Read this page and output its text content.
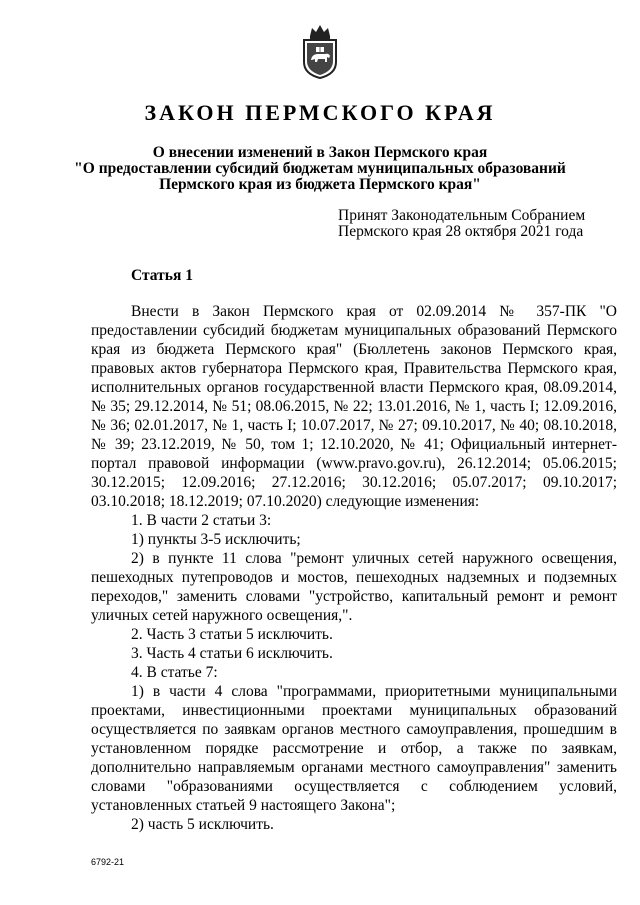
ЗАКОН ПЕРМСКОГО КРАЯ
О внесении изменений в Закон Пермского края
"О предоставлении субсидий бюджетам муниципальных образований
Пермского края из бюджета Пермского края"
Принят Законодательным Собранием
Пермского края 28 октября 2021 года
Статья 1

Внести в Закон Пермского края от 02.09.2014 № 357-ПК "О предоставлении субсидий бюджетам муниципальных образований Пермского края из бюджета Пермского края" (Бюллетень законов Пермского края, правовых актов губернатора Пермского края, Правительства Пермского края, исполнительных органов государственной власти Пермского края, 08.09.2014, № 35; 29.12.2014, № 51; 08.06.2015, № 22; 13.01.2016, № 1, часть I; 12.09.2016, № 36; 02.01.2017, № 1, часть I; 10.07.2017, № 27; 09.10.2017, № 40; 08.10.2018, № 39; 23.12.2019, № 50, том 1; 12.10.2020, № 41; Официальный интернет-портал правовой информации (www.pravo.gov.ru), 26.12.2014; 05.06.2015; 30.12.2015; 12.09.2016; 27.12.2016; 30.12.2016; 05.07.2017; 09.10.2017; 03.10.2018; 18.12.2019; 07.10.2020) следующие изменения:

1. В части 2 статьи 3:

1) пункты 3-5 исключить;

2) в пункте 11 слова "ремонт уличных сетей наружного освещения, пешеходных путепроводов и мостов, пешеходных надземных и подземных переходов," заменить словами "устройство, капитальный ремонт и ремонт уличных сетей наружного освещения,".

2. Часть 3 статьи 5 исключить.

3. Часть 4 статьи 6 исключить.

4. В статье 7:

1) в части 4 слова "программами, приоритетными муниципальными проектами, инвестиционными проектами муниципальных образований осуществляется по заявкам органов местного самоуправления, прошедшим в установленном порядке рассмотрение и отбор, а также по заявкам, дополнительно направляемым органами местного самоуправления" заменить словами "образованиями осуществляется с соблюдением условий, установленных статьей 9 настоящего Закона";

2) часть 5 исключить.

6792-21
